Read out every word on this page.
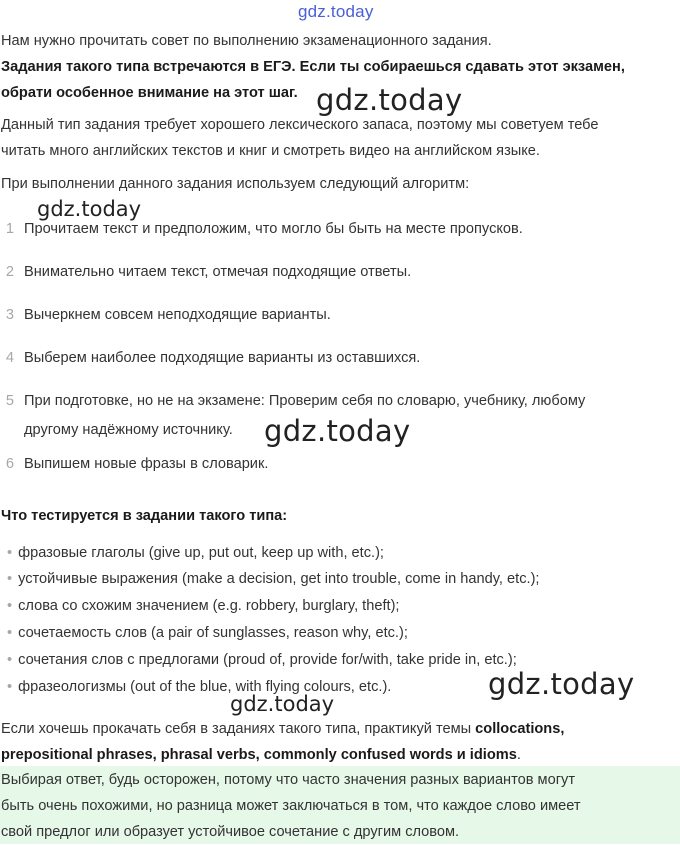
gdz.today
Нам нужно прочитать совет по выполнению экзаменационного задания.
Задания такого типа встречаются в ЕГЭ. Если ты собираешься сдавать этот экзамен,
обрати особенное внимание на этот шаг. gdz.today
Данный тип задания требует хорошего лексического запаса, поэтому мы советуем тебе
читать много английских текстов и книг и смотреть видео на английском языке.
При выполнении данного задания используем следующий алгоритм:
gdz.today
1 Прочитаем текст и предположим, что могло бы быть на месте пропусков.
2 Внимательно читаем текст, отмечая подходящие ответы.
3 Вычеркнем совсем неподходящие варианты.
4 Выберем наиболее подходящие варианты из оставшихся.
5 При подготовке, но не на экзамене: Проверим себя по словарю, учебнику, любому
другому надёжному источнику. gdz.today
6 Выпишем новые фразы в словарик.
Что тестируется в задании такого типа:
• фразовые глаголы (give up, put out, keep up with, etc.);
• устойчивые выражения (make a decision, get into trouble, come in handy, etc.);
• слова со схожим значением (e.g. robbery, burglary, theft);
• сочетаемость слов (a pair of sunglasses, reason why, etc.);
• сочетания слов с предлогами (proud of, provide for/with, take pride in, etc.);
• фразеологизмы (out of the blue, with flying colours, etc.).	gdz.today
gdz.today
Если хочешь прокачать себя в заданиях такого типа, практикуй темы collocations,
prepositional phrases, phrasal verbs, commonly confused words и idioms.
Выбирая ответ, будь осторожен, потому что часто значения разных вариантов могут
быть очень похожими, но разница может заключаться в том, что каждое слово имеет
свой предлог или образует устойчивое сочетание с другим словом.
